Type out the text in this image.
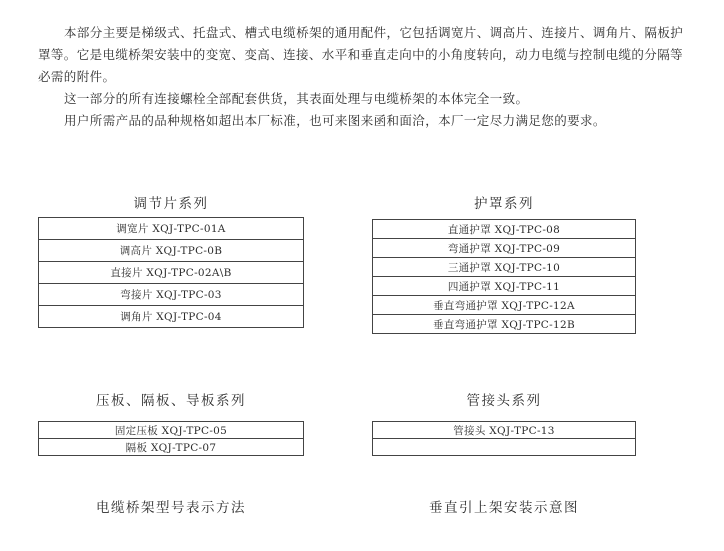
本部分主要是梯级式、托盘式、槽式电缆桥架的通用配件，它包括调宽片、调高片、连接片、调角片、隔板护罩等。它是电缆桥架安装中的变宽、变高、连接、水平和垂直走向中的小角度转向，动力电缆与控制电缆的分隔等必需的附件。

这一部分的所有连接螺栓全部配套供货，其表面处理与电缆桥架的本体完全一致。

用户所需产品的品种规格如超出本厂标准，也可来图来函和面洽，本厂一定尽力满足您的要求。

调节片系列
调宽片 XQJ-TPC-01A
调高片 XQJ-TPC-0B
直接片 XQJ-TPC-02A\B
弯接片 XQJ-TPC-03
调角片 XQJ-TPC-04
护罩系列
直通护罩 XQJ-TPC-08
弯通护罩 XQJ-TPC-09
三通护罩 XQJ-TPC-10
四通护罩 XQJ-TPC-11
垂直弯通护罩 XQJ-TPC-12A
垂直弯通护罩 XQJ-TPC-12B
压板、隔板、导板系列
固定压板 XQJ-TPC-05
隔板 XQJ-TPC-07
管接头系列
管接头 XQJ-TPC-13

电缆桥架型号表示方法	垂直引上架安装示意图
